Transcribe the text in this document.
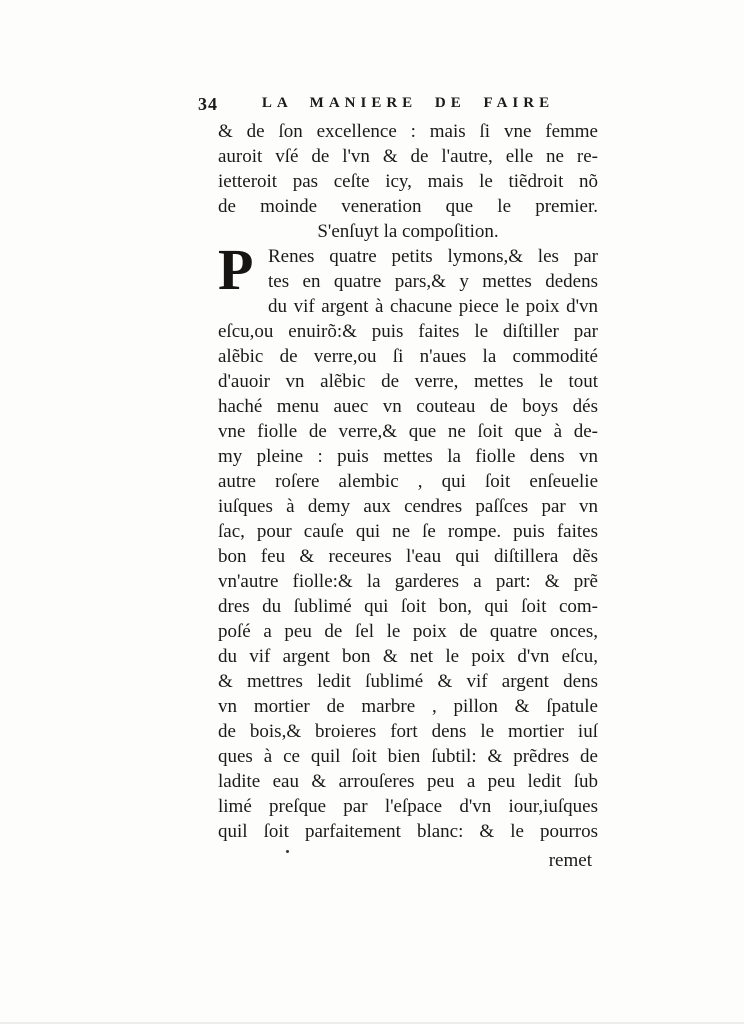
34	LA MANIERE DE FAIRE
& de ſon excellence : mais ſi vne femme
auroit vſé de l'vn & de l'autre, elle ne re-
ietteroit pas ceſte icy, mais le tiẽdroit nõ
de moinde veneration que le premier.
S'enſuyt la compoſition.
P Renes quatre petits lymons,& les par
tes en quatre pars,& y mettes dedens
du vif argent à chacune piece le poix d'vn
eſcu,ou enuirõ:& puis faites le diſtiller par
alẽbic de verre,ou ſi n'aues la commodité
d'auoir vn alẽbic de verre, mettes le tout
haché menu auec vn couteau de boys dés
vne fiolle de verre,& que ne ſoit que à de-
my pleine : puis mettes la fiolle dens vn
autre roſere alembic , qui ſoit enſeuelie
iuſques à demy aux cendres paſſces par vn
ſac, pour cauſe qui ne ſe rompe. puis faites
bon feu & receures l'eau qui diſtillera dẽs
vn'autre fiolle:& la garderes a part: & prẽ
dres du ſublimé qui ſoit bon, qui ſoit com-
poſé a peu de ſel le poix de quatre onces,
du vif argent bon & net le poix d'vn eſcu,
& mettres ledit ſublimé & vif argent dens
vn mortier de marbre , pillon & ſpatule
de bois,& broieres fort dens le mortier iuſ
ques à ce quil ſoit bien ſubtil: & prẽdres de
ladite eau & arrouſeres peu a peu ledit ſub
limé preſque par l'eſpace d'vn iour,iuſques
quil ſoit parfaitement blanc: & le pourros
remet
